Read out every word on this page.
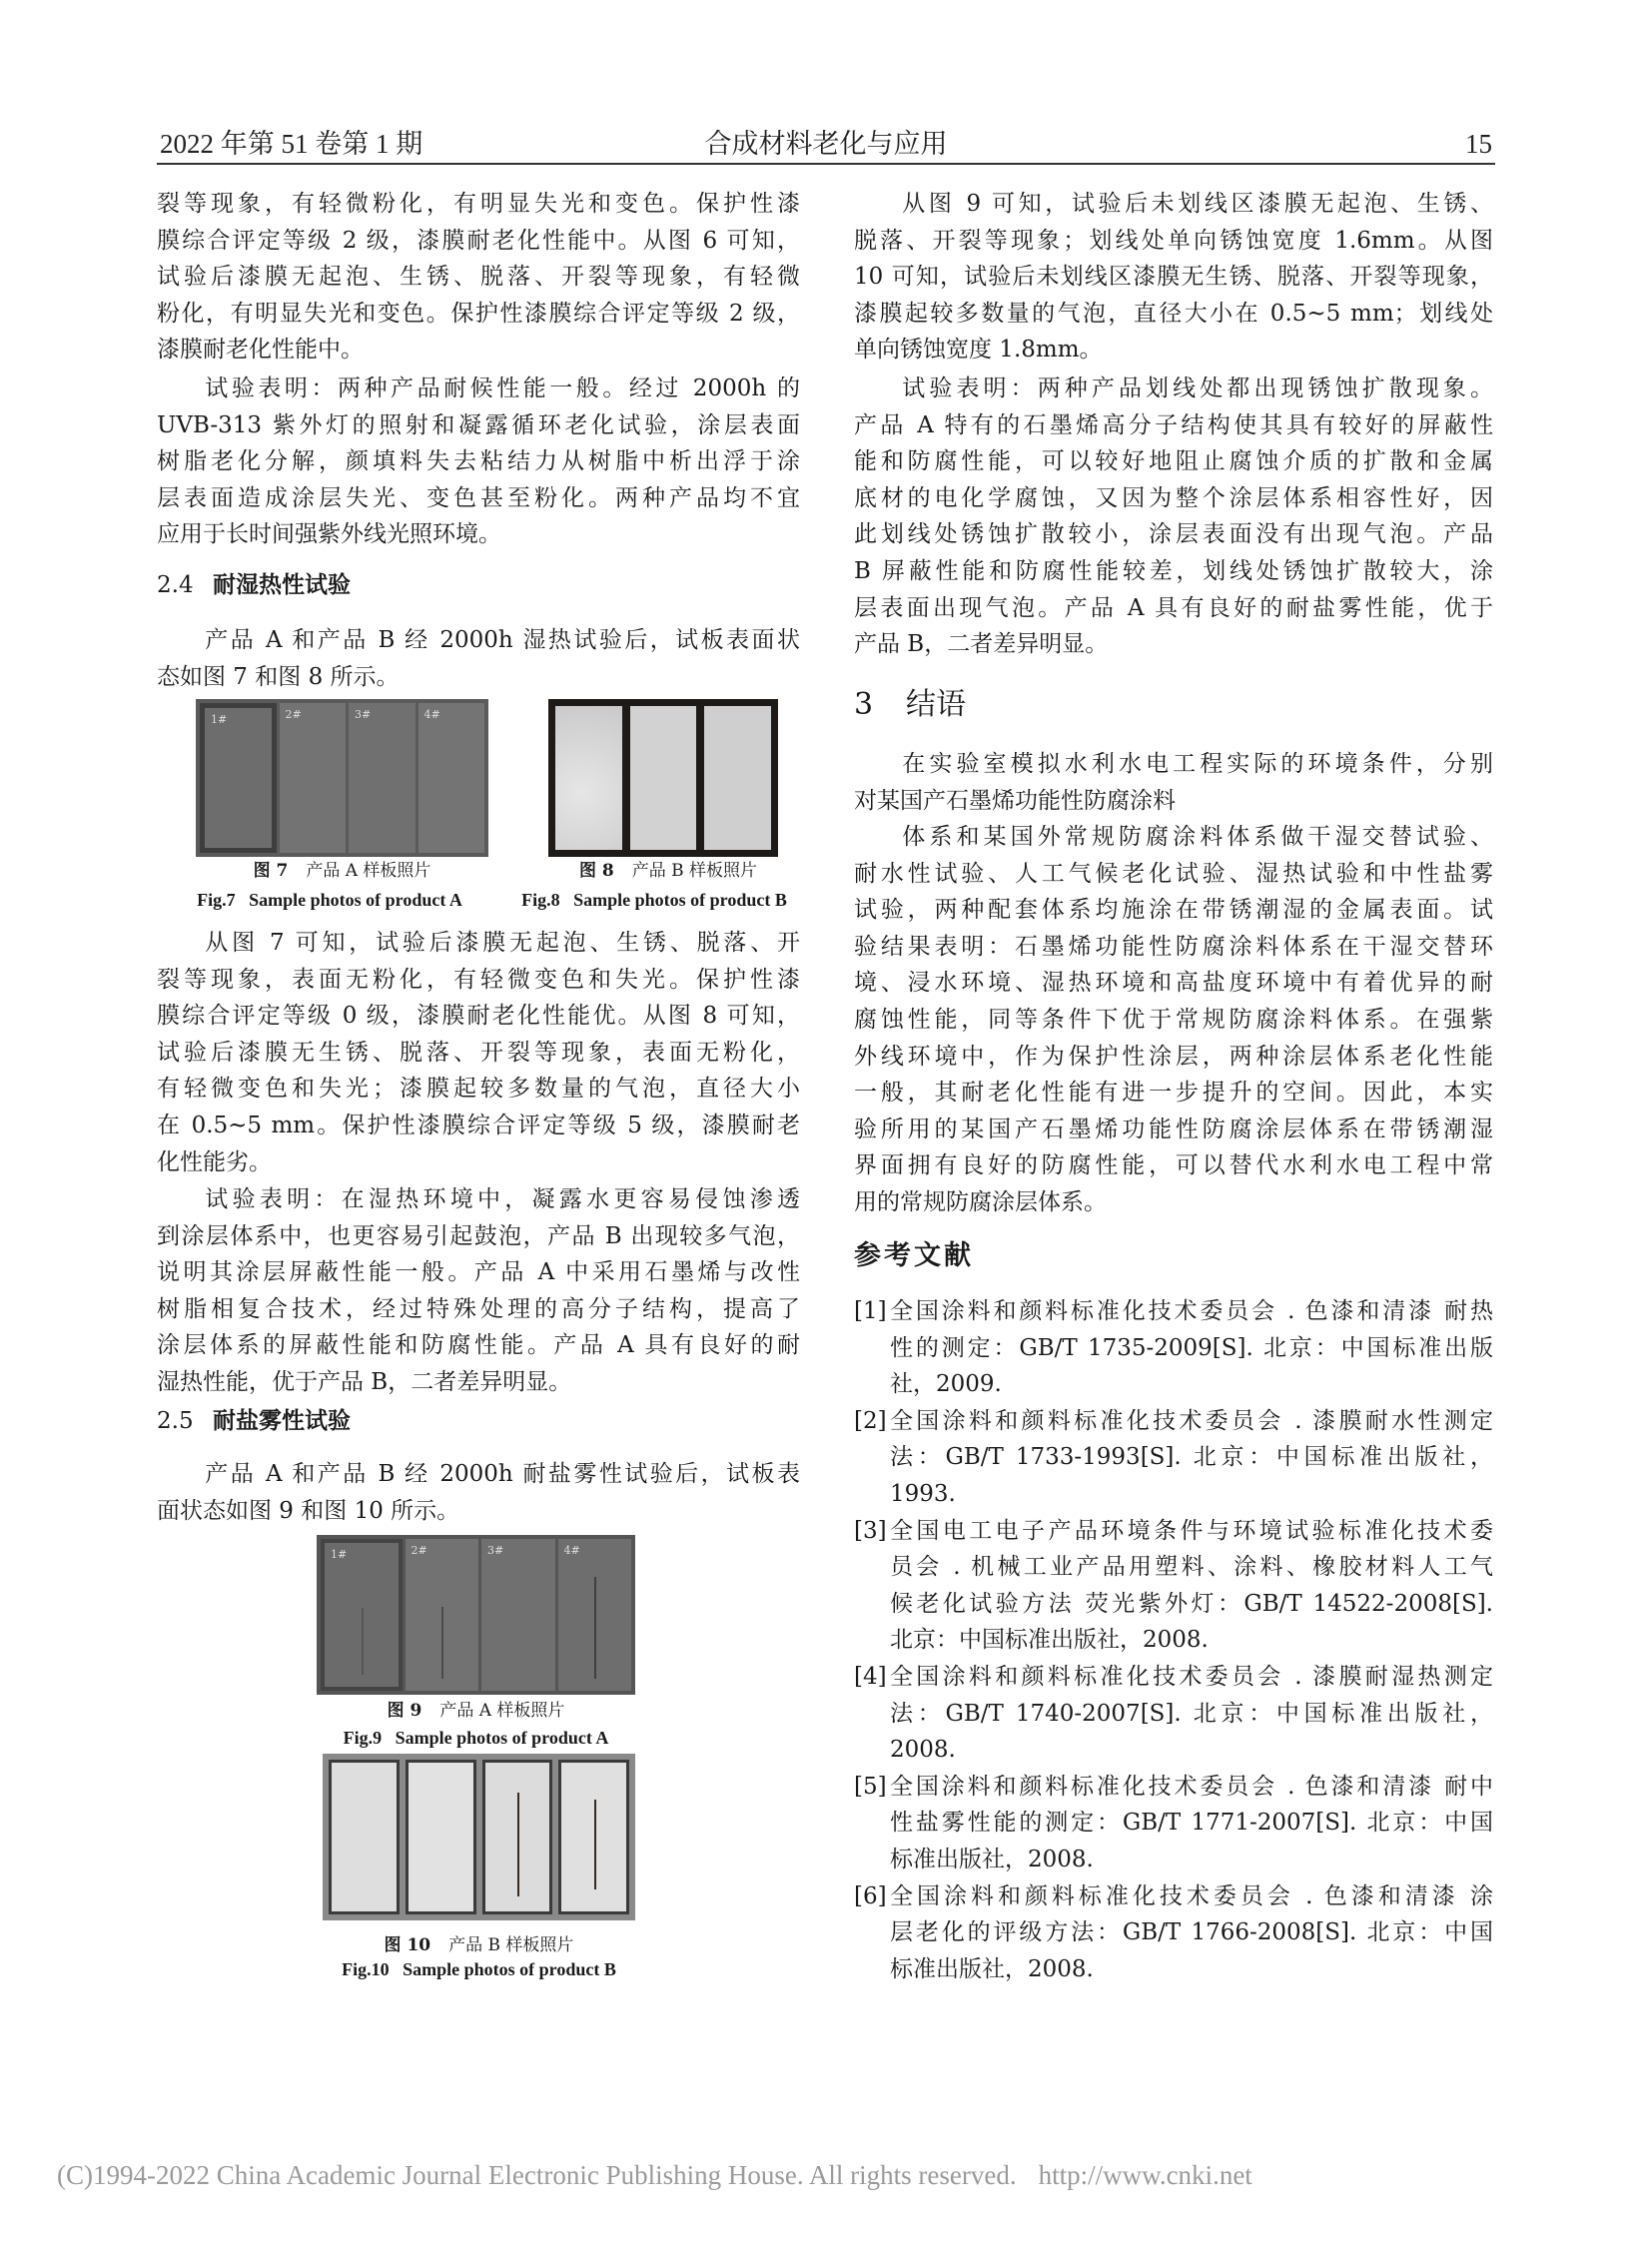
2022 年第 51 卷第 1 期	合成材料老化与应用	15
裂等现象，有轻微粉化，有明显失光和变色。保护性漆
膜综合评定等级 2 级，漆膜耐老化性能中。从图 6 可知，
试验后漆膜无起泡、生锈、脱落、开裂等现象，有轻微
粉化，有明显失光和变色。保护性漆膜综合评定等级 2 级，
漆膜耐老化性能中。
试验表明：两种产品耐候性能一般。经过 2000h 的
UVB-313 紫外灯的照射和凝露循环老化试验，涂层表面
树脂老化分解，颜填料失去粘结力从树脂中析出浮于涂
层表面造成涂层失光、变色甚至粉化。两种产品均不宜
应用于长时间强紫外线光照环境。
2.4 耐湿热性试验
产品 A 和产品 B 经 2000h 湿热试验后，试板表面状
态如图 7 和图 8 所示。
1#	2#	3#	4#
图 7 产品 A 样板照片
Fig.7 Sample photos of product A
图 8 产品 B 样板照片
Fig.8 Sample photos of product B
从图 7 可知，试验后漆膜无起泡、生锈、脱落、开
裂等现象，表面无粉化，有轻微变色和失光。保护性漆
膜综合评定等级 0 级，漆膜耐老化性能优。从图 8 可知，
试验后漆膜无生锈、脱落、开裂等现象，表面无粉化，
有轻微变色和失光；漆膜起较多数量的气泡，直径大小
在 0.5~5 mm。保护性漆膜综合评定等级 5 级，漆膜耐老
化性能劣。
试验表明：在湿热环境中，凝露水更容易侵蚀渗透
到涂层体系中，也更容易引起鼓泡，产品 B 出现较多气泡，
说明其涂层屏蔽性能一般。产品 A 中采用石墨烯与改性
树脂相复合技术，经过特殊处理的高分子结构，提高了
涂层体系的屏蔽性能和防腐性能。产品 A 具有良好的耐
湿热性能，优于产品 B，二者差异明显。
2.5 耐盐雾性试验
产品 A 和产品 B 经 2000h 耐盐雾性试验后，试板表
面状态如图 9 和图 10 所示。
1#	2#	3#	4#
图 9 产品 A 样板照片
Fig.9 Sample photos of product A
图 10 产品 B 样板照片
Fig.10 Sample photos of product B
从图 9 可知，试验后未划线区漆膜无起泡、生锈、
脱落、开裂等现象；划线处单向锈蚀宽度 1.6mm。从图
10 可知，试验后未划线区漆膜无生锈、脱落、开裂等现象，
漆膜起较多数量的气泡，直径大小在 0.5~5 mm；划线处
单向锈蚀宽度 1.8mm。
试验表明：两种产品划线处都出现锈蚀扩散现象。
产品 A 特有的石墨烯高分子结构使其具有较好的屏蔽性
能和防腐性能，可以较好地阻止腐蚀介质的扩散和金属
底材的电化学腐蚀，又因为整个涂层体系相容性好，因
此划线处锈蚀扩散较小，涂层表面没有出现气泡。产品
B 屏蔽性能和防腐性能较差，划线处锈蚀扩散较大，涂
层表面出现气泡。产品 A 具有良好的耐盐雾性能，优于
产品 B，二者差异明显。
3 结语
在实验室模拟水利水电工程实际的环境条件，分别
对某国产石墨烯功能性防腐涂料
体系和某国外常规防腐涂料体系做干湿交替试验、
耐水性试验、人工气候老化试验、湿热试验和中性盐雾
试验，两种配套体系均施涂在带锈潮湿的金属表面。试
验结果表明：石墨烯功能性防腐涂料体系在干湿交替环
境、浸水环境、湿热环境和高盐度环境中有着优异的耐
腐蚀性能，同等条件下优于常规防腐涂料体系。在强紫
外线环境中，作为保护性涂层，两种涂层体系老化性能
一般，其耐老化性能有进一步提升的空间。因此，本实
验所用的某国产石墨烯功能性防腐涂层体系在带锈潮湿
界面拥有良好的防腐性能，可以替代水利水电工程中常
用的常规防腐涂层体系。
参考文献
[1] 全国涂料和颜料标准化技术委员会 . 色漆和清漆 耐热
性的测定：GB/T 1735-2009[S]. 北京：中国标准出版
社，2009.
[2] 全国涂料和颜料标准化技术委员会 . 漆膜耐水性测定
法：GB/T 1733-1993[S]. 北京：中国标准出版社，
1993.
[3] 全国电工电子产品环境条件与环境试验标准化技术委
员会 . 机械工业产品用塑料、涂料、橡胶材料人工气
候老化试验方法 荧光紫外灯：GB/T 14522-2008[S].
北京：中国标准出版社，2008.
[4] 全国涂料和颜料标准化技术委员会 . 漆膜耐湿热测定
法：GB/T 1740-2007[S]. 北京：中国标准出版社，
2008.
[5] 全国涂料和颜料标准化技术委员会 . 色漆和清漆 耐中
性盐雾性能的测定：GB/T 1771-2007[S]. 北京：中国
标准出版社，2008.
[6] 全国涂料和颜料标准化技术委员会 . 色漆和清漆 涂
层老化的评级方法：GB/T 1766-2008[S]. 北京：中国
标准出版社，2008.
(C)1994-2022 China Academic Journal Electronic Publishing House. All rights reserved. http://www.cnki.net
